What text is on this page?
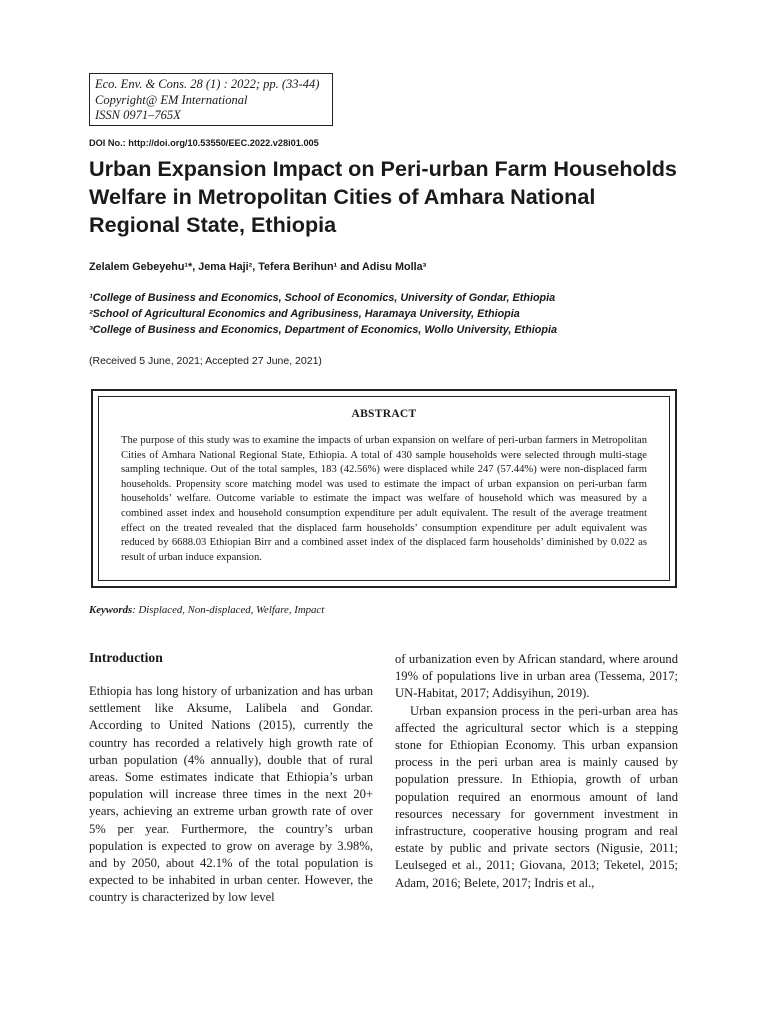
Eco. Env. & Cons. 28 (1) : 2022; pp. (33-44)
Copyright@ EM International
ISSN 0971–765X
DOI No.: http://doi.org/10.53550/EEC.2022.v28i01.005
Urban Expansion Impact on Peri-urban Farm Households Welfare in Metropolitan Cities of Amhara National Regional State, Ethiopia
Zelalem Gebeyehu¹*, Jema Haji², Tefera Berihun¹ and Adisu Molla³
¹College of Business and Economics, School of Economics, University of Gondar, Ethiopia
²School of Agricultural Economics and Agribusiness, Haramaya University, Ethiopia
³College of Business and Economics, Department of Economics, Wollo University, Ethiopia
(Received 5 June, 2021; Accepted 27 June, 2021)
ABSTRACT
The purpose of this study was to examine the impacts of urban expansion on welfare of peri-urban farmers in Metropolitan Cities of Amhara National Regional State, Ethiopia. A total of 430 sample households were selected through multi-stage sampling technique. Out of the total samples, 183 (42.56%) were displaced while 247 (57.44%) were non-displaced farm households. Propensity score matching model was used to estimate the impact of urban expansion on peri-urban farm households’ welfare. Outcome variable to estimate the impact was welfare of household which was measured by a combined asset index and household consumption expenditure per adult equivalent. The result of the average treatment effect on the treated revealed that the displaced farm households’ consumption expenditure per adult equivalent was reduced by 6688.03 Ethiopian Birr and a combined asset index of the displaced farm households’ diminished by 0.022 as result of urban induce expansion.
Keywords: Displaced, Non-displaced, Welfare, Impact
Introduction

Ethiopia has long history of urbanization and has urban settlement like Aksume, Lalibela and Gondar. According to United Nations (2015), currently the country has recorded a relatively high growth rate of urban population (4% annually), double that of rural areas. Some estimates indicate that Ethiopia’s urban population will increase three times in the next 20+ years, achieving an extreme urban growth rate of over 5% per year. Furthermore, the country’s urban population is expected to grow on average by 3.98%, and by 2050, about 42.1% of the total population is expected to be inhabited in urban center. However, the country is characterized by low level

of urbanization even by African standard, where around 19% of populations live in urban area (Tessema, 2017; UN-Habitat, 2017; Addisyihun, 2019).

Urban expansion process in the peri-urban area has affected the agricultural sector which is a stepping stone for Ethiopian Economy. This urban expansion process in the peri urban area is mainly caused by population pressure. In Ethiopia, growth of urban population required an enormous amount of land resources necessary for government investment in infrastructure, cooperative housing program and real estate by public and private sectors (Nigusie, 2011; Leulseged et al., 2011; Giovana, 2013; Teketel, 2015; Adam, 2016; Belete, 2017; Indris et al.,
